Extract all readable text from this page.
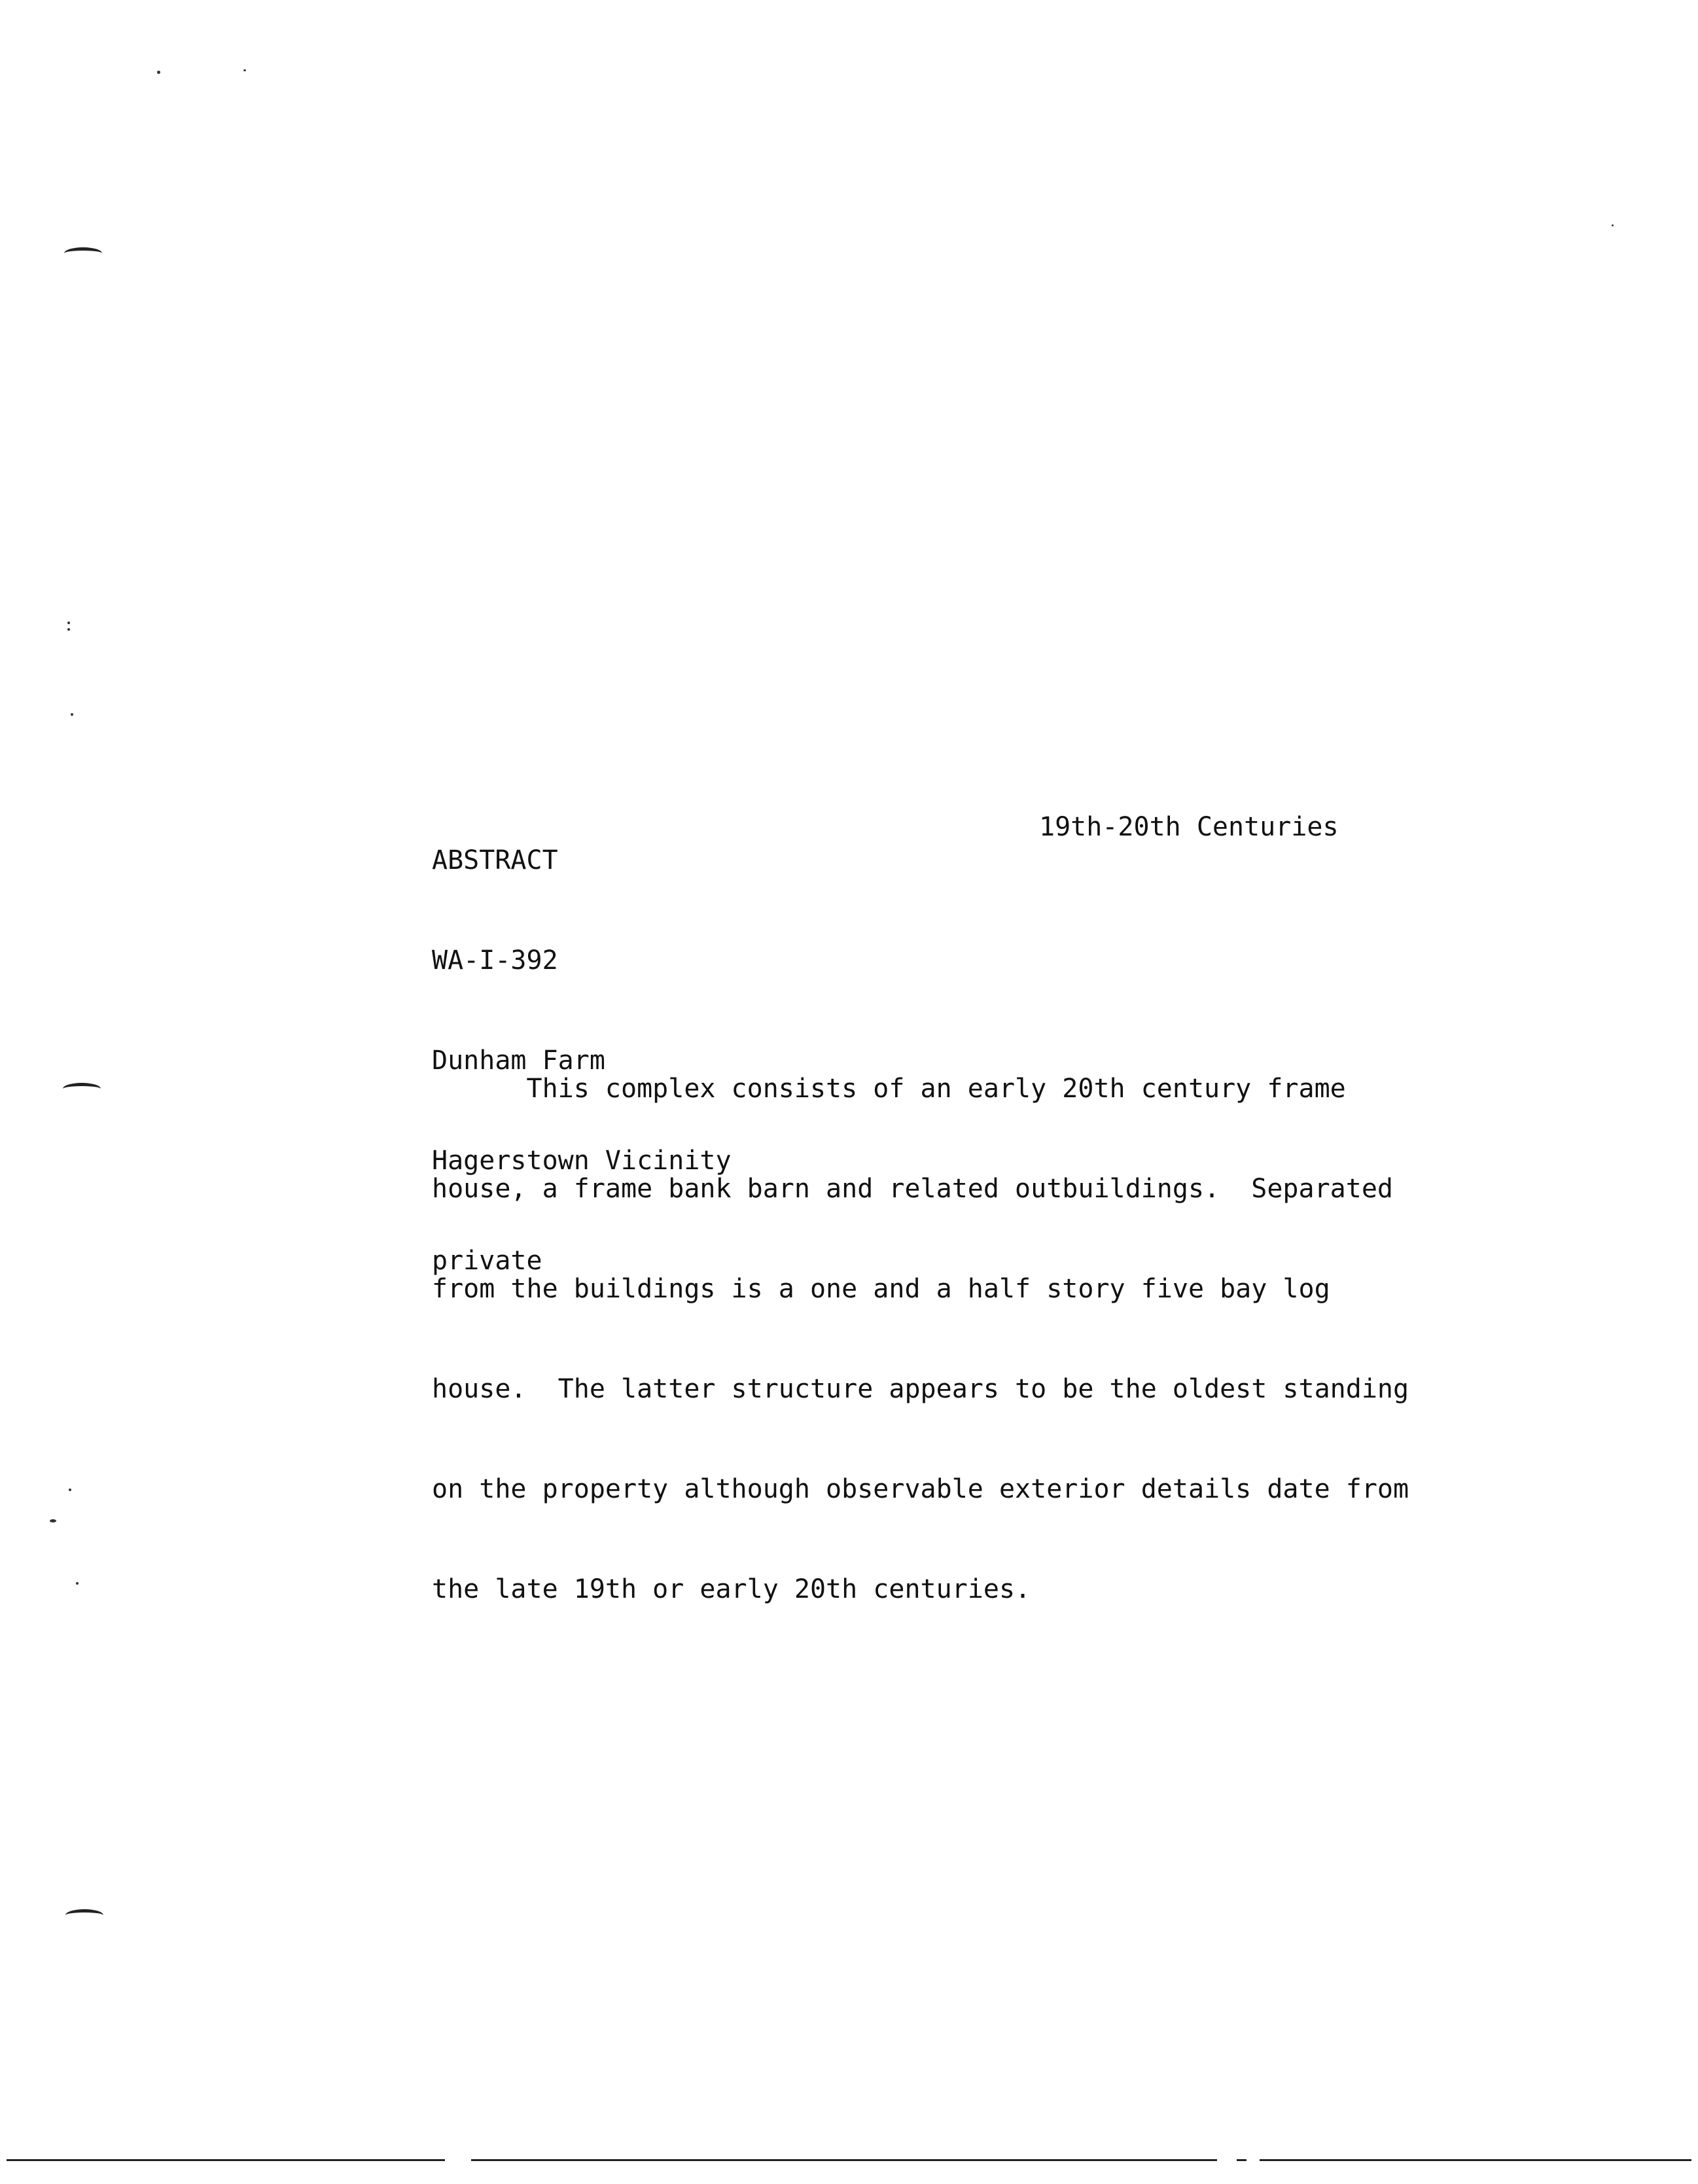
ABSTRACT

WA-I-392

Dunham Farm

Hagerstown Vicinity

private

19th-20th Centuries

This complex consists of an early 20th century frame

house, a frame bank barn and related outbuildings.  Separated

from the buildings is a one and a half story five bay log

house.  The latter structure appears to be the oldest standing

on the property although observable exterior details date from

the late 19th or early 20th centuries.
